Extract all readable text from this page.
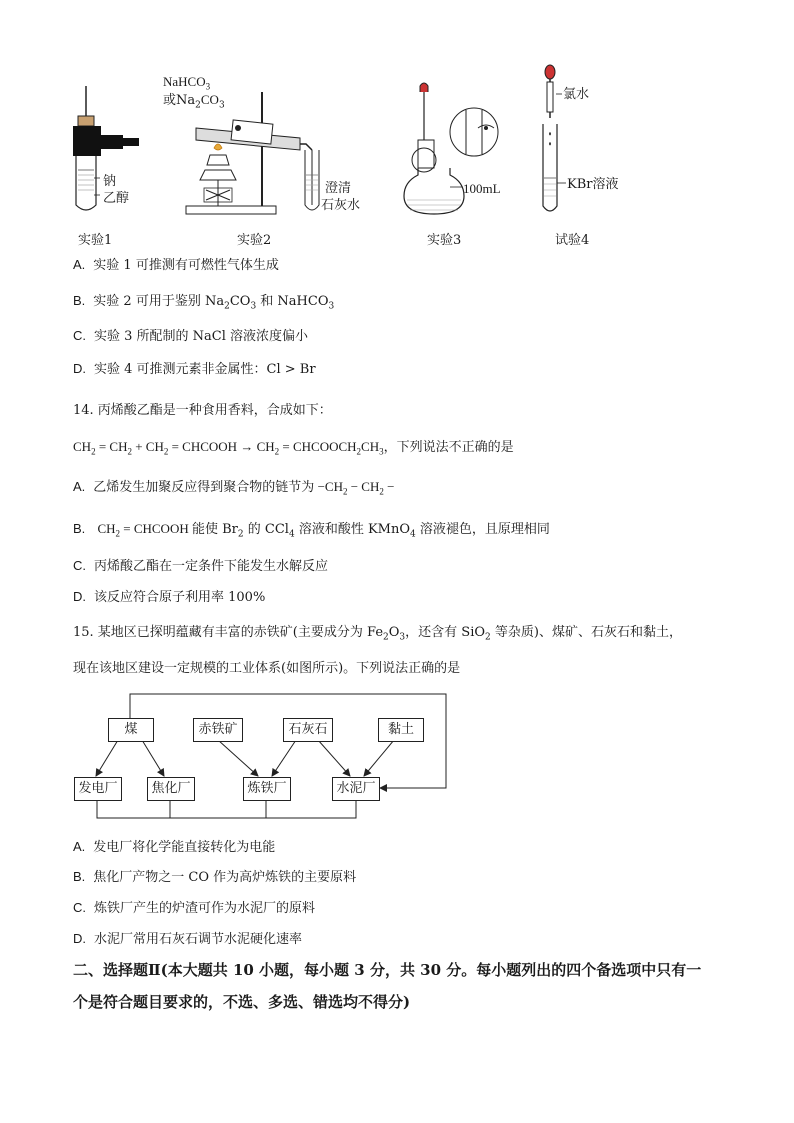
钠
乙醇
实验1
NaHCO$_3$
或$Na_2CO_3$
澄清
石灰水
实验2
100mL
实验3
氯水
KBr溶液
试验4
A. 实验 1 可推测有可燃性气体生成
B. 实验 2 可用于鉴别 $Na_2CO_3$ 和 NaHCO$_3$
C. 实验 3 所配制的 NaCl 溶液浓度偏小
D. 实验 4 可推测元素非金属性：Cl > Br
14. 丙烯酸乙酯是一种食用香料，合成如下：
$CH_2 = CH_2 + CH_2$ = CHCOOH → $CH_2$ = $CHCOOCH_2CH_3$，下列说法不正确的是
A. 乙烯发生加聚反应得到聚合物的链节为 $-CH_2 - CH_2$ −
B. $CH_2$ = CHCOOH 能使 $Br_2$ 的 CCl$_4$ 溶液和酸性 KMnO$_4$ 溶液褪色，且原理相同
C. 丙烯酸乙酯在一定条件下能发生水解反应
D. 该反应符合原子利用率 100%
15. 某地区已探明蕴藏有丰富的赤铁矿(主要成分为 $Fe_2O_3$，还含有 SiO$_2$ 等杂质)、煤矿、石灰石和黏土，
现在该地区建设一定规模的工业体系(如图所示)。下列说法正确的是
煤	赤铁矿	石灰石	黏土
发电厂	焦化厂	炼铁厂	水泥厂
A. 发电厂将化学能直接转化为电能
B. 焦化厂产物之一 CO 作为高炉炼铁的主要原料
C. 炼铁厂产生的炉渣可作为水泥厂的原料
D. 水泥厂常用石灰石调节水泥硬化速率
二、选择题Ⅱ(本大题共 10 小题，每小题 3 分，共 30 分。每小题列出的四个备选项中只有一
个是符合题目要求的，不选、多选、错选均不得分)
